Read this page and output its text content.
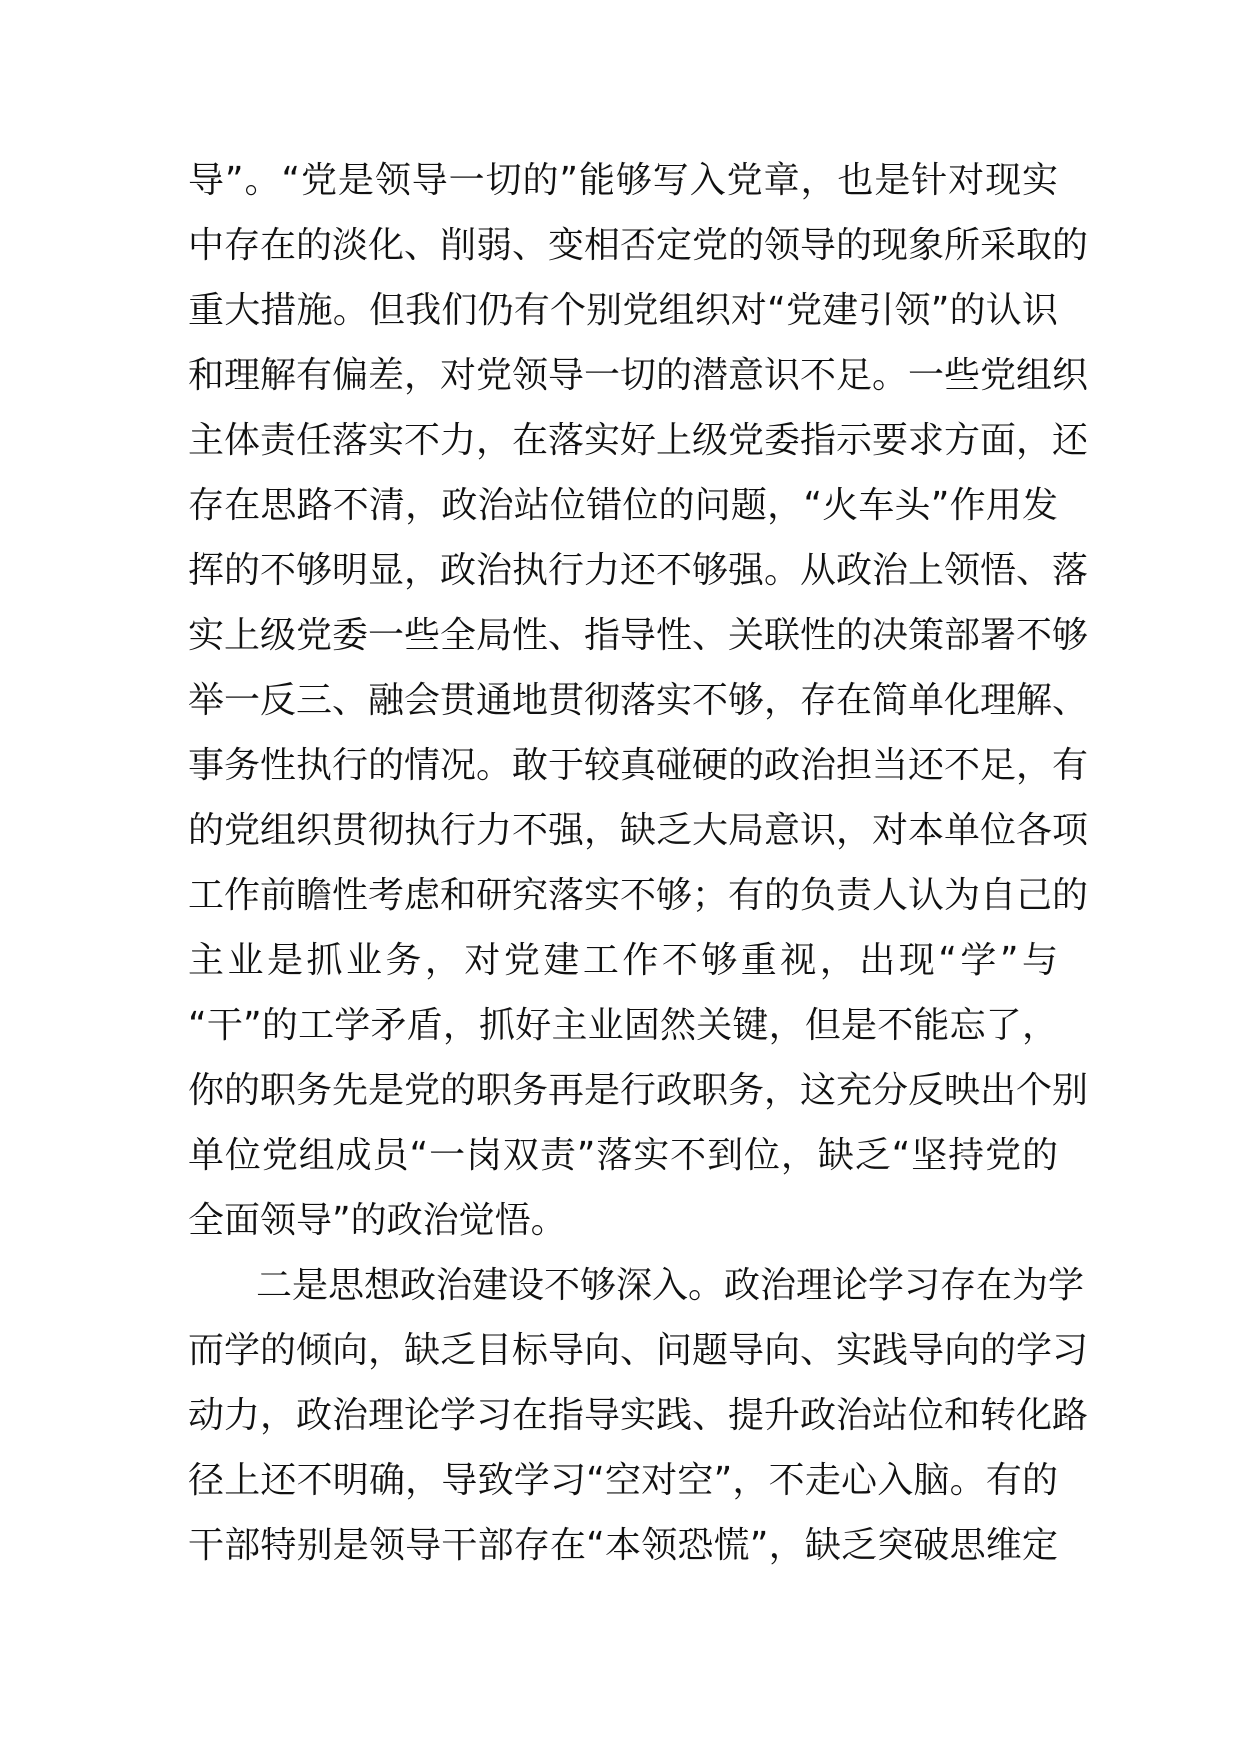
导”。“党是领导一切的”能够写入党章，也是针对现实
中存在的淡化、削弱、变相否定党的领导的现象所采取的
重大措施。但我们仍有个别党组织对“党建引领”的认识
和理解有偏差，对党领导一切的潜意识不足。一些党组织
主体责任落实不力，在落实好上级党委指示要求方面，还
存在思路不清，政治站位错位的问题，“火车头”作用发
挥的不够明显，政治执行力还不够强。从政治上领悟、落
实上级党委一些全局性、指导性、关联性的决策部署不够
举一反三、融会贯通地贯彻落实不够，存在简单化理解、
事务性执行的情况。敢于较真碰硬的政治担当还不足，有
的党组织贯彻执行力不强，缺乏大局意识，对本单位各项
工作前瞻性考虑和研究落实不够；有的负责人认为自己的
主业是抓业务，对党建工作不够重视，出现“学”与
“干”的工学矛盾，抓好主业固然关键，但是不能忘了，
你的职务先是党的职务再是行政职务，这充分反映出个别
单位党组成员“一岗双责”落实不到位，缺乏“坚持党的
全面领导”的政治觉悟。
二是思想政治建设不够深入。政治理论学习存在为学
而学的倾向，缺乏目标导向、问题导向、实践导向的学习
动力，政治理论学习在指导实践、提升政治站位和转化路
径上还不明确，导致学习“空对空”，不走心入脑。有的
干部特别是领导干部存在“本领恐慌”，缺乏突破思维定
